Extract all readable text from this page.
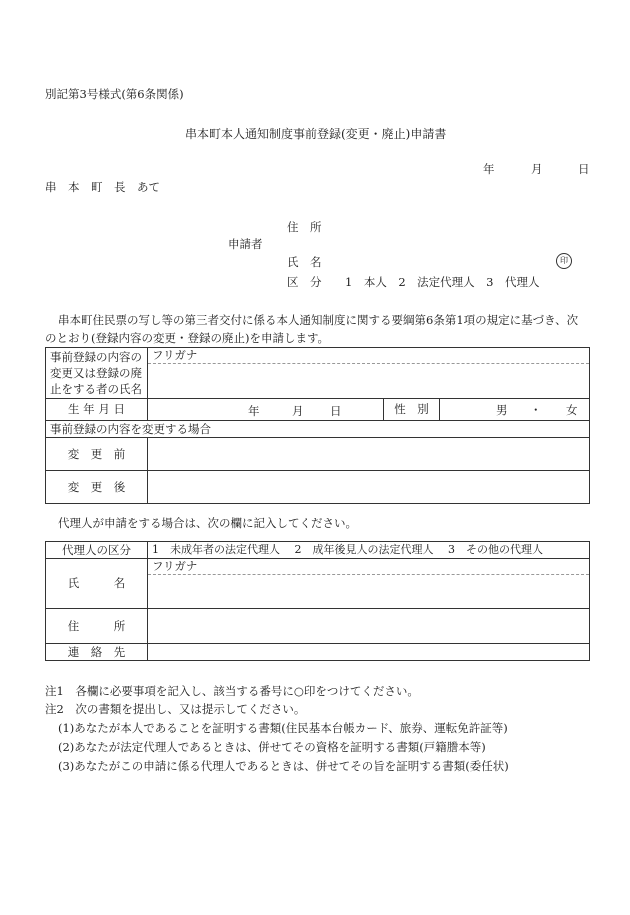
別記第3号様式(第6条関係)
串本町本人通知制度事前登録(変更・廃止)申請書
年	月	日
串　本　町　長　あて
住　所
申請者
氏　名	印
区　分 1　本人　2　法定代理人　3　代理人
串本町住民票の写し等の第三者交付に係る本人通知制度に関する要綱第6条第1項の規定に基づき、次
のとおり(登録内容の変更・登録の廃止)を申請します。
事前登録の内容の
変更又は登録の廃
止をする者の氏名	フリガナ		

生 年 月 日	年 月 日	性　別	男 ・ 女

事前登録の内容を変更する場合			
変　更　前			
変　更　後			
代理人が申請をする場合は、次の欄に記入してください。
代理人の区分	1　未成年者の法定代理人　 2　成年後見人の法定代理人　 3　その他の代理人
氏　　　名	フリガナ

住　　　所	
連　絡　先	
注1　各欄に必要事項を記入し、該当する番号に○印をつけてください。
注2　次の書類を提出し、又は提示してください。
(1)あなたが本人であることを証明する書類(住民基本台帳カード、旅券、運転免許証等)
(2)あなたが法定代理人であるときは、併せてその資格を証明する書類(戸籍謄本等)
(3)あなたがこの申請に係る代理人であるときは、併せてその旨を証明する書類(委任状)
